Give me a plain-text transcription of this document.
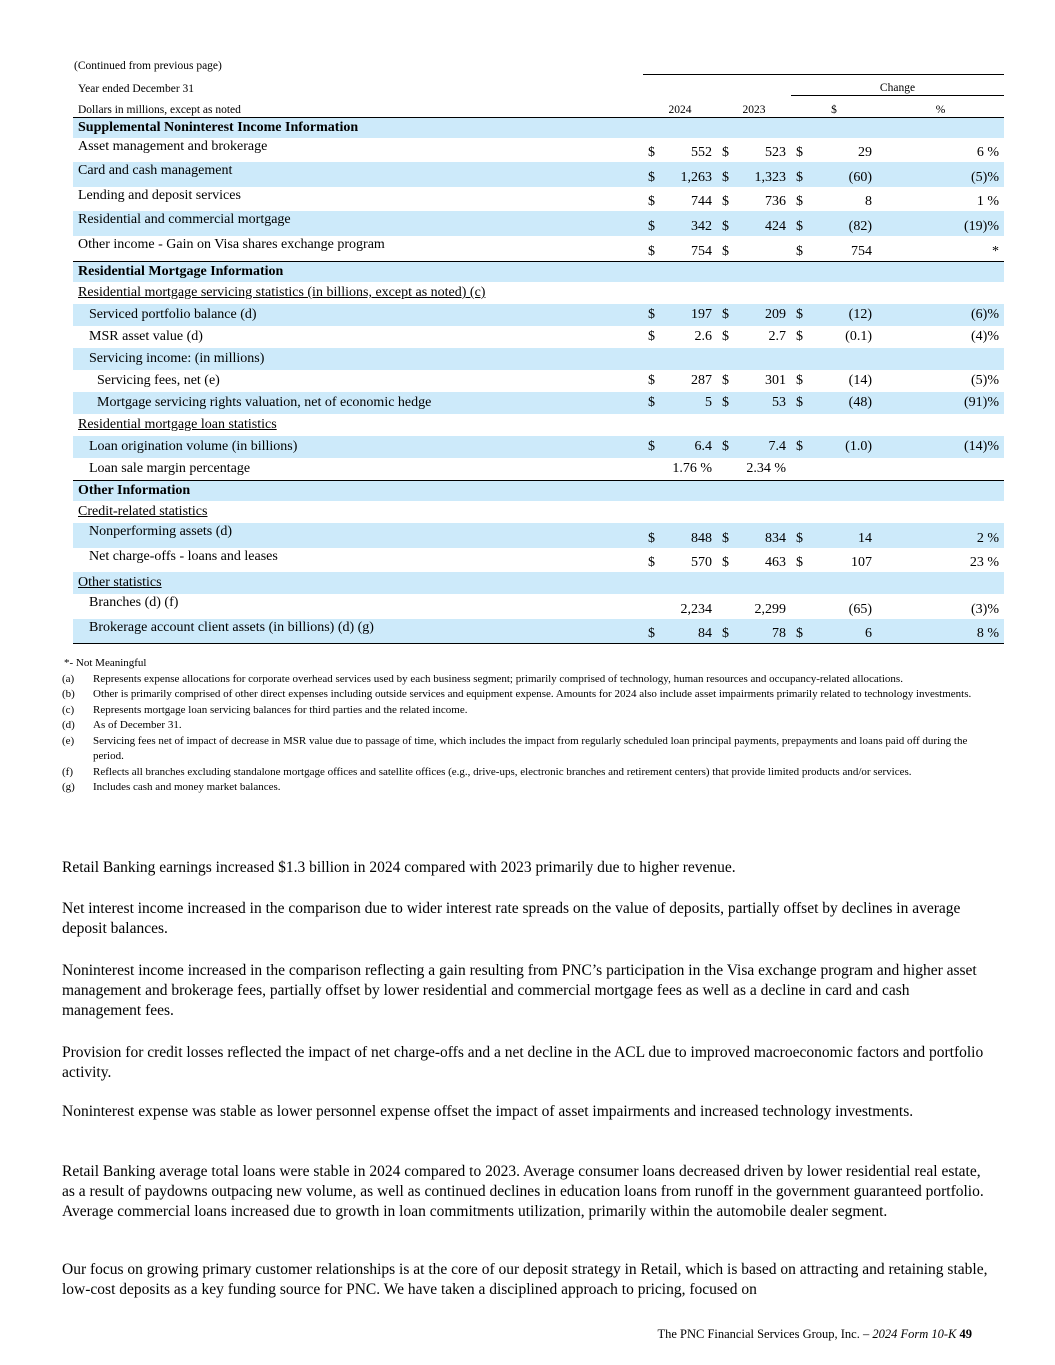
(Continued from previous page)
Year ended December 31					Change		
Dollars in millions, except as noted	2024		2023		$		%
Supplemental Noninterest Income Information							
Asset management and brokerage	$	552	$	523	$	29	6 %
Card and cash management	$	1,263	$	1,323	$	(60)	(5)%
Lending and deposit services	$	744	$	736	$	8	1 %
Residential and commercial mortgage	$	342	$	424	$	(82)	(19)%
Other income - Gain on Visa shares exchange program	$	754	$		$	754	*
Residential Mortgage Information							
Residential mortgage servicing statistics (in billions, except as noted) (c)							
Serviced portfolio balance (d)	$	197	$	209	$	(12)	(6)%
MSR asset value (d)	$	2.6	$	2.7	$	(0.1)	(4)%
Servicing income: (in millions)							
Servicing fees, net (e)	$	287	$	301	$	(14)	(5)%
Mortgage servicing rights valuation, net of economic hedge	$	5	$	53	$	(48)	(91)%
Residential mortgage loan statistics							
Loan origination volume (in billions)	$	6.4	$	7.4	$	(1.0)	(14)%
Loan sale margin percentage	1.76 %		2.34 %				
Other Information							
Credit-related statistics							
Nonperforming assets (d)	$	848	$	834	$	14	2 %
Net charge-offs - loans and leases	$	570	$	463	$	107	23 %
Other statistics							
Branches (d) (f)		2,234		2,299		(65)	(3)%
Brokerage account client assets (in billions) (d) (g)	$	84	$	78	$	6	8 %
*- Not Meaningful
(a)	Represents expense allocations for corporate overhead services used by each business segment; primarily comprised of technology, human resources and occupancy-related allocations.
(b)	Other is primarily comprised of other direct expenses including outside services and equipment expense. Amounts for 2024 also include asset impairments primarily related to technology investments.
(c)	Represents mortgage loan servicing balances for third parties and the related income.
(d)	As of December 31.
(e)	Servicing fees net of impact of decrease in MSR value due to passage of time, which includes the impact from regularly scheduled loan principal payments, prepayments and loans paid off during the period.
(f)	Reflects all branches excluding standalone mortgage offices and satellite offices (e.g., drive-ups, electronic branches and retirement centers) that provide limited products and/or services.
(g)	Includes cash and money market balances.

Retail Banking earnings increased $1.3 billion in 2024 compared with 2023 primarily due to higher revenue.

Net interest income increased in the comparison due to wider interest rate spreads on the value of deposits, partially offset by declines in average deposit balances.

Noninterest income increased in the comparison reflecting a gain resulting from PNC’s participation in the Visa exchange program and higher asset management and brokerage fees, partially offset by lower residential and commercial mortgage fees as well as a decline in card and cash management fees.

Provision for credit losses reflected the impact of net charge-offs and a net decline in the ACL due to improved macroeconomic factors and portfolio activity.

Noninterest expense was stable as lower personnel expense offset the impact of asset impairments and increased technology investments.

Retail Banking average total loans were stable in 2024 compared to 2023. Average consumer loans decreased driven by lower residential real estate, as a result of paydowns outpacing new volume, as well as continued declines in education loans from runoff in the government guaranteed portfolio. Average commercial loans increased due to growth in loan commitments utilization, primarily within the automobile dealer segment.

Our focus on growing primary customer relationships is at the core of our deposit strategy in Retail, which is based on attracting and retaining stable, low-cost deposits as a key funding source for PNC. We have taken a disciplined approach to pricing, focused on

The PNC Financial Services Group, Inc. – 2024 Form 10-K 49
